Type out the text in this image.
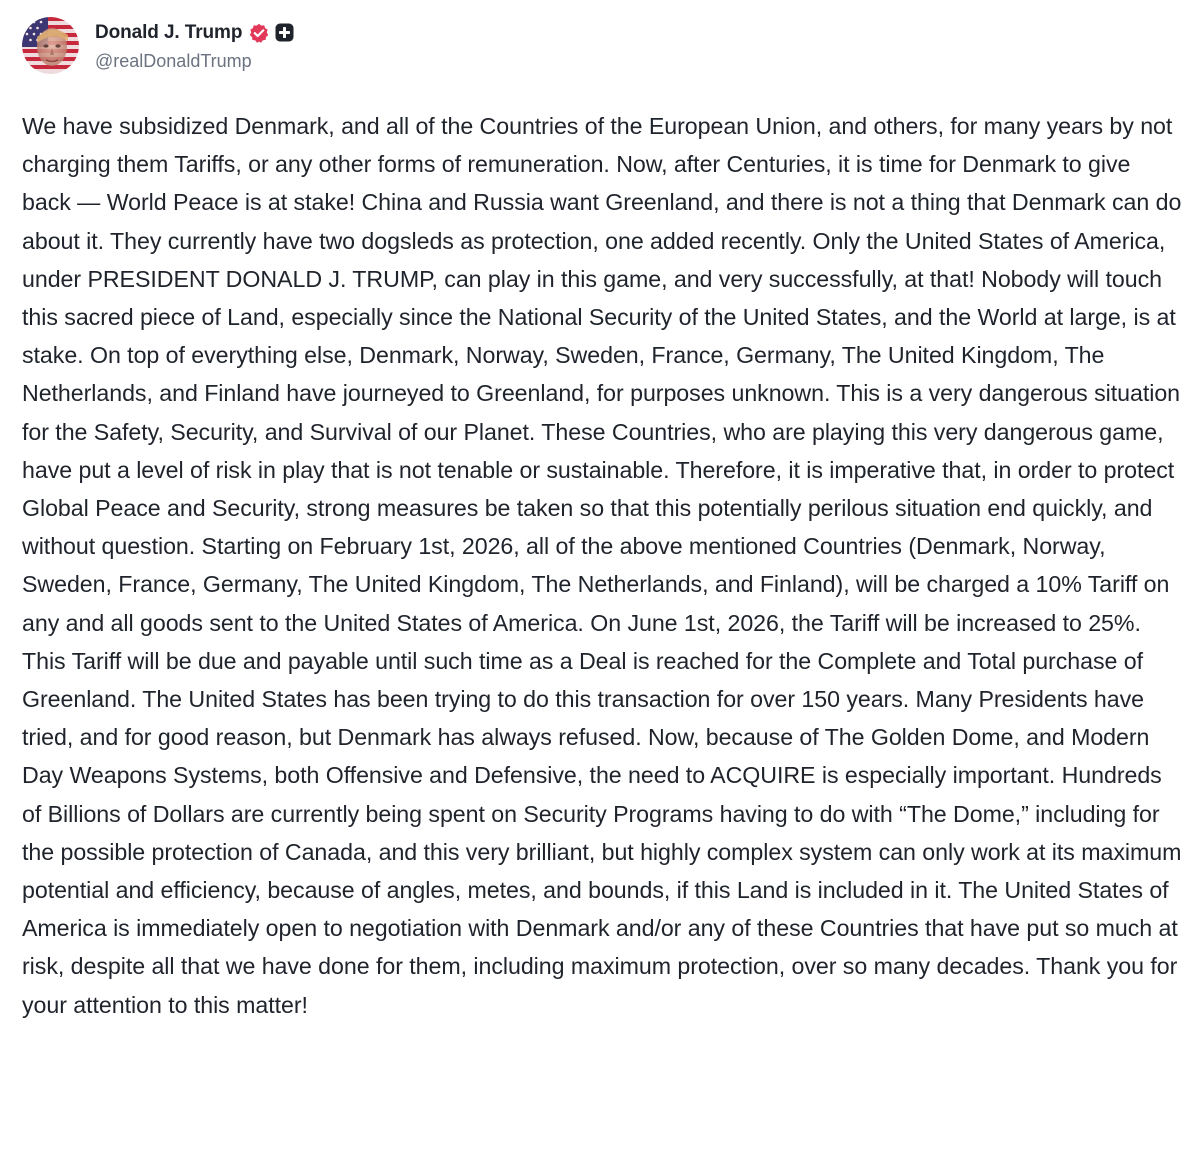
Donald J. Trump
@realDonaldTrump

We have subsidized Denmark, and all of the Countries of the European Union, and others, for many years by not charging them Tariffs, or any other forms of remuneration. Now, after Centuries, it is time for Denmark to give back — World Peace is at stake! China and Russia want Greenland, and there is not a thing that Denmark can do about it. They currently have two dogsleds as protection, one added recently. Only the United States of America, under PRESIDENT DONALD J. TRUMP, can play in this game, and very successfully, at that! Nobody will touch this sacred piece of Land, especially since the National Security of the United States, and the World at large, is at stake. On top of everything else, Denmark, Norway, Sweden, France, Germany, The United Kingdom, The Netherlands, and Finland have journeyed to Greenland, for purposes unknown. This is a very dangerous situation for the Safety, Security, and Survival of our Planet. These Countries, who are playing this very dangerous game, have put a level of risk in play that is not tenable or sustainable. Therefore, it is imperative that, in order to protect Global Peace and Security, strong measures be taken so that this potentially perilous situation end quickly, and without question. Starting on February 1st, 2026, all of the above mentioned Countries (Denmark, Norway, Sweden, France, Germany, The United Kingdom, The Netherlands, and Finland), will be charged a 10% Tariff on any and all goods sent to the United States of America. On June 1st, 2026, the Tariff will be increased to 25%. This Tariff will be due and payable until such time as a Deal is reached for the Complete and Total purchase of Greenland. The United States has been trying to do this transaction for over 150 years. Many Presidents have tried, and for good reason, but Denmark has always refused. Now, because of The Golden Dome, and Modern Day Weapons Systems, both Offensive and Defensive, the need to ACQUIRE is especially important. Hundreds of Billions of Dollars are currently being spent on Security Programs having to do with “The Dome,” including for the possible protection of Canada, and this very brilliant, but highly complex system can only work at its maximum potential and efficiency, because of angles, metes, and bounds, if this Land is included in it. The United States of America is immediately open to negotiation with Denmark and/or any of these Countries that have put so much at risk, despite all that we have done for them, including maximum protection, over so many decades. Thank you for your attention to this matter!
